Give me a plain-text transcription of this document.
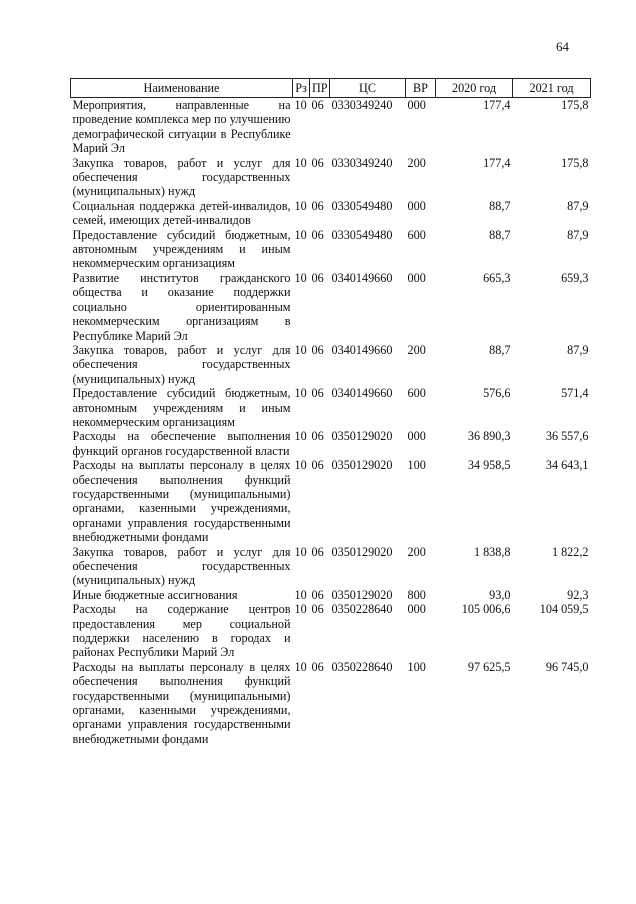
64
Наименование	Рз	ПР	ЦС	ВР	2020 год	2021 год
Мероприятия, направленные на проведение комплекса мер по улучшению демографической ситуации в Республике Марий Эл	10	06	0330349240	000	177,4	175,8
Закупка товаров, работ и услуг для обеспечения государственных (муниципальных) нужд	10	06	0330349240	200	177,4	175,8
Социальная поддержка детей-инвалидов, семей, имеющих детей-инвалидов	10	06	0330549480	000	88,7	87,9
Предоставление субсидий бюджетным, автономным учреждениям и иным некоммерческим организациям	10	06	0330549480	600	88,7	87,9
Развитие институтов гражданского общества и оказание поддержки социально ориентированным некоммерческим организациям в Республике Марий Эл	10	06	0340149660	000	665,3	659,3
Закупка товаров, работ и услуг для обеспечения государственных (муниципальных) нужд	10	06	0340149660	200	88,7	87,9
Предоставление субсидий бюджетным, автономным учреждениям и иным некоммерческим организациям	10	06	0340149660	600	576,6	571,4
Расходы на обеспечение выполнения функций органов государственной власти	10	06	0350129020	000	36 890,3	36 557,6
Расходы на выплаты персоналу в целях обеспечения выполнения функций государственными (муниципальными) органами, казенными учреждениями, органами управления государственными внебюджетными фондами	10	06	0350129020	100	34 958,5	34 643,1
Закупка товаров, работ и услуг для обеспечения государственных (муниципальных) нужд	10	06	0350129020	200	1 838,8	1 822,2
Иные бюджетные ассигнования	10	06	0350129020	800	93,0	92,3
Расходы на содержание центров предоставления мер социальной поддержки населению в городах и районах Республики Марий Эл	10	06	0350228640	000	105 006,6	104 059,5
Расходы на выплаты персоналу в целях обеспечения выполнения функций государственными (муниципальными) органами, казенными учреждениями, органами управления государственными внебюджетными фондами	10	06	0350228640	100	97 625,5	96 745,0
